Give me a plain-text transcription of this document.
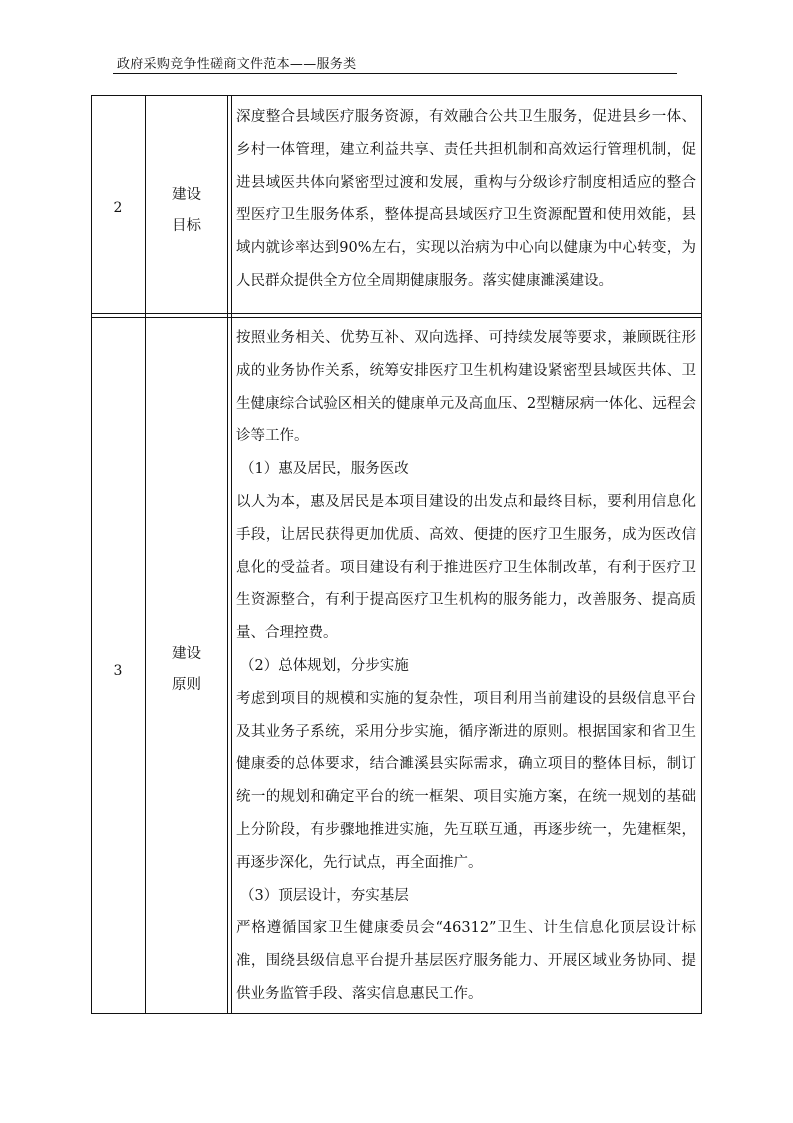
政府采购竞争性磋商文件范本——服务类
2
建设
目标

深度整合县域医疗服务资源，有效融合公共卫生服务，促进县乡一体、乡村一体管理，建立利益共享、责任共担机制和高效运行管理机制，促进县域医共体向紧密型过渡和发展，重构与分级诊疗制度相适应的整合型医疗卫生服务体系，整体提高县域医疗卫生资源配置和使用效能，县域内就诊率达到90%左右，实现以治病为中心向以健康为中心转变，为人民群众提供全方位全周期健康服务。落实健康濉溪建设。

3
建设
原则

按照业务相关、优势互补、双向选择、可持续发展等要求，兼顾既往形成的业务协作关系，统筹安排医疗卫生机构建设紧密型县域医共体、卫生健康综合试验区相关的健康单元及高血压、2型糖尿病一体化、远程会诊等工作。

（1）惠及居民，服务医改

以人为本，惠及居民是本项目建设的出发点和最终目标，要利用信息化手段，让居民获得更加优质、高效、便捷的医疗卫生服务，成为医改信息化的受益者。项目建设有利于推进医疗卫生体制改革，有利于医疗卫生资源整合，有利于提高医疗卫生机构的服务能力，改善服务、提高质量、合理控费。

（2）总体规划，分步实施

考虑到项目的规模和实施的复杂性，项目利用当前建设的县级信息平台及其业务子系统，采用分步实施，循序渐进的原则。根据国家和省卫生健康委的总体要求，结合濉溪县实际需求，确立项目的整体目标，制订统一的规划和确定平台的统一框架、项目实施方案，在统一规划的基础上分阶段，有步骤地推进实施，先互联互通，再逐步统一，先建框架，再逐步深化，先行试点，再全面推广。

（3）顶层设计，夯实基层

严格遵循国家卫生健康委员会“46312”卫生、计生信息化顶层设计标准，围绕县级信息平台提升基层医疗服务能力、开展区域业务协同、提供业务监管手段、落实信息惠民工作。
